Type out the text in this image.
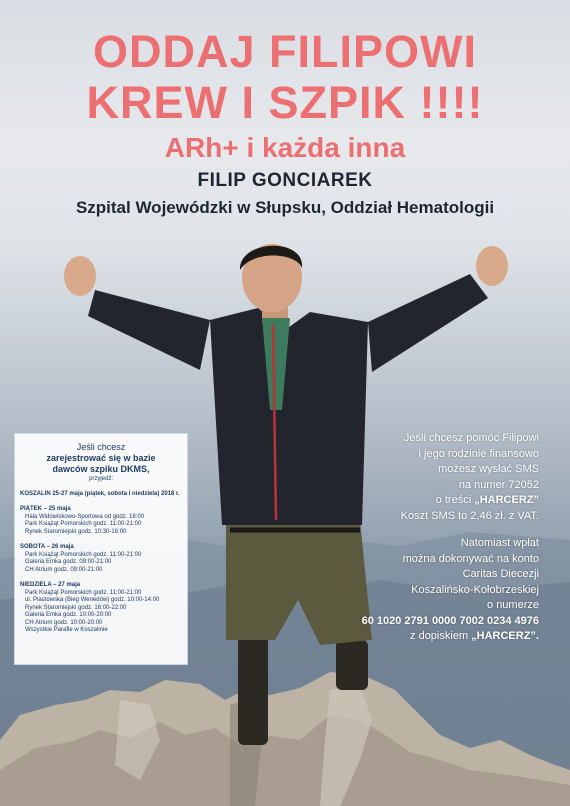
ODDAJ FILIPOWI
KREW I SZPIK !!!!
ARh+ i każda inna
FILIP GONCIAREK
Szpital Wojewódzki w Słupsku, Oddział Hematologii
Jeśli chcesz
zarejestrować się w bazie
dawców szpiku DKMS,
przyjedź:
KOSZALIN 25-27 maja (piątek, sobota i niedziela) 2018 r.
PIĄTEK – 25 maja
Hala Widowiskowo-Sportowa od godz. 18:00
Park Książąt Pomorskich godz. 11:00-21:00
Rynek Staromiejski godz. 10:30-16:00
SOBOTA – 26 maja
Park Książąt Pomorskich godz. 11:00-21:00
Galeria Emka godz. 09:00-21:00
CH Atrium godz. 09:00-21:00
NIEDZIELA – 27 maja
Park Książąt Pomorskich godz. 11:00-21:00
ul. Piastowska (Bieg Wenedów) godz. 10:00-14:00
Rynek Staromiejski godz. 16:00-22:00
Galeria Emka godz. 10:00-20:00
CH Atrium godz. 10:00-20:00
Wszystkie Parafie w Koszalinie
Jeśli chcesz pomóc Filipowi
i jego rodzinie finansowo
możesz wysłać SMS
na numer 72052
o treści „HARCERZ”
Koszt SMS to 2,46 zł. z VAT.
Natomiast wpłat
można dokonywać na konto
Caritas Diecezji
Koszalińsko-Kołobrzeskiej
o numerze
60 1020 2791 0000 7002 0234 4976
z dopiskiem „HARCERZ”.
